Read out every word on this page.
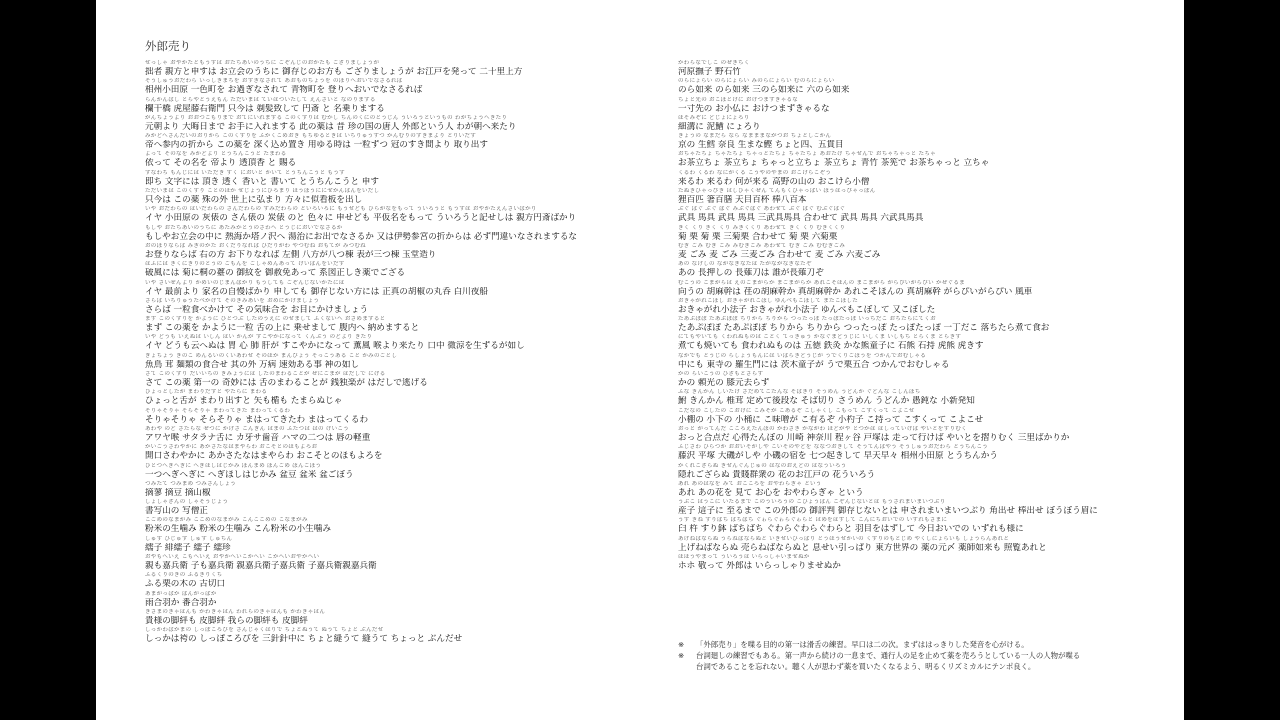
外郎売り
せっしゃ おやかたともうすは おたちあいのうちに ごぞんじのおかたも ござりましょうが
拙者 親方と申すは お立会のうちに 御存じのお方も ござりましょうが お江戸を発って 二十里上方
そうしゅうおだわら いっしきまちを おすぎなされて あおものちょうを のぼりへおいでなさるれば
相州小田原 一色町を お過ぎなされて 青物町を 登りへおいでなさるれば
らんかんばし とらやとうえもん ただいまは ていはついたして えんさいと なのりまする
欄干橋 虎屋藤右衛門 只今は 剃髪致して 円斎 と 名乗りまする
がんちょうより おおつごもりまで おてにいれまする このくすりは むかし ちんのくにのとうじん ういろうというもの わがちょうへきたり
元朝より 大晦日まで お手に入れまする 此の薬は 昔 珍の国の唐人 外郎という人 わが朝へ来たり
みかどへさんだいのおりから このくすりを ふかくこめおき もちゆるときは いちりゅうずつ かんむりのすきまより とりいだす
帝へ参内の折から この薬を 深く込め置き 用ゆる時は 一粒ずつ 冠のすき間より 取り出す
よって そのなを みかどより とうちんこうと たまわる
依って その名を 帝より 透頂香 と 賜る
すなわち もんじには いただき すく においと かいて とうちんこうと もうす
即ち 文字には 頂き 透く 香いと 書いて とうちんこうと 申す
ただいまは このくすり ことのほか せじょうにひろまり ほうぼうににせかんばんをいだし
只今は この薬 殊の外 世上に弘まり 方々に似看板を出し
いや おだわらの はいだわらの さんだわらの すみだわらの といろいろに もうせども ひらがなをもって ういろうと もうすは おやかたえんさいばかり
イヤ 小田原の 灰俵の さん俵の 炭俵 のと 色々に 申せども 平仮名をもって ういろうと記せしは 親方円斎ばかり
もしや おたちあいのうちに あたみかとうのさわへ とうじにおいでなさるか
もしやお立会の中に 熱海か塔ノ沢へ 湯治にお出でなさるか 又は伊勢参宮の折からは 必ず門違いなされまするな
おのぼりならば みぎのかた おくだりなれば ひだりがわ やつむね おもてが みつむね
お登りならば 右の方 お下りなれば 左側 八方が八つ棟 表が三つ棟 玉堂造り
はふには きくにきりのとうの ごもんを ごしゃめんあって けいばんをいだす
破風には 菊に桐の薹の 御紋を 御赦免あって 系図正しき薬でござる
いや さいぜんより かめいのじまんばかり もうしても ごぞんじないかたには
イヤ 最前より 家名の自慢ばかり 申しても 御存じない方には 正真の胡椒の丸呑 白川夜船
さらば いちりゅうたべかけて そのきみあいを おめにかけましょう
さらば 一粒食べかけて その気味合を お目にかけましょう
まず このくすりを かように ひとつぶ したのうえに のせまして ふくないへ おさめますると
まず この薬を かように一粒 舌の上に 乗せまして 腹内へ 納めますると
いや どうも いえぬは いしん はい かんが すこやかになって くんぷう のどより きたり
イヤ どうも云へぬは 胃 心 肺 肝が すこやかになって 薫風 喉より来たり 口中 微涼を生ずるが如し
ぎょちょう きのこ めんるいのくいあわせ そのほか まんびょう そっこうある こと かみのごとし
魚鳥 茸 麺類の食合せ 其の外 万病 速効ある事 神の如し
さて このくすり だいいちの きみょうには したのまわることが ぜにごまが はだしで にげる
さて この薬 第一の 奇妙には 舌のまわることが 銭独楽が はだしで逃げる
ひょっとしたが まわりだすと やたらに まわる
ひょっと舌が まわり出すと 矢も楯も たまらぬじゃ
そりゃそりゃ そらそりゃ まわってきた まわってくるわ
そりゃそりゃ そらそりゃ まはってきたわ まはってくるわ
あわや のど さたらな ぜつに かげさ ごんぎん はまの ふたつは はの けいこう
アワヤ喉 サタラナ舌に カ牙サ歯音 ハマの二つは 唇の軽重
かいごうさわやかに あかさたなはまやらわ おこそとのほもよろお
開口さわやかに あかさたなはまやらわ おこそとのほもよろを
ひとつへぎへぎに へぎほしはじかみ ぼんまめ ぼんごめ ぼんごぼう
一つへぎへぎに へぎほしはじかみ 盆豆 盆米 盆ごぼう
つみたて つみまめ つみさんしょう
摘蓼 摘豆 摘山椒
しょしゃざんの しゃそうじょう
書写山の 写僧正
こごめのなまがみ こごめのなまがみ こんこごめの こなまがみ
粉米の生噛み 粉米の生噛み こん粉米の小生噛み
しゅす ひじゅす しゅす しゅちん
繻子 緋繻子 繻子 繻珍
おやもへいえ こもへいえ おやかへいこかへい こかへいおやかへい
親も嘉兵衛 子も嘉兵衛 親嘉兵衛子嘉兵衛 子嘉兵衛親嘉兵衛
ふるくりのきの ふるきりくち
ふる栗の木の 古切口
あまがっぱか ばんがっぱか
雨合羽か 番合羽か
きさまのきゃはんも かわきゃはん われらのきゃはんも かわきゃはん
貴様の脚絆も 皮脚絆 我らの脚絆も 皮脚絆
しっかわばかまの しっぽころびを さんじゃくはりで ちょとぬうて ぬうて ちょと ぶんだせ
しっかは袴の しっぽころびを 三針針中に ちょと縫うて 縫うて ちょっと ぶんだせ
かわらなでしこ のぜきちく
河原撫子 野石竹
のらにょらい のらにょらい みのらにょらい むのらにょらい
のら如来 のら如来 三のら如来に 六のら如来
ちょと先の おこぼとけに おけつまずきゃるな
一寸先の お小仏に おけつまずきゃるな
ほそみぞに どじょにょろり
細溝に 泥鰌 にょろり
きょうの なまだら なら なまままながつお ちょとしごかん
京の 生鱈 奈良 生まな鰹 ちょと四、五貫目
おちゃたちょ ちゃたちょ ちゃっとたちょ ちゃたちょ あおたけ ちゃせんで おちゃちゃっと たちゃ
お茶立ちょ 茶立ちょ ちゃっと立ちょ 茶立ちょ 青竹 茶筅で お茶ちゃっと 立ちゃ
くるわ くるわ なにがくる こうやのやまの おこけらこぞう
来るわ 来るわ 何が来る 高野の山の おこけら小僧
たぬきひゃっぴき はしひゃくぜん てんもくひゃっぱい ぼうはっぴゃっぽん
狸百匹 箸百膳 天目百杯 棒八百本
ぶぐ ばぐ ぶぐ ばぐ みぶぐばぐ あわせて ぶぐ ばぐ むぶぐばぐ
武具 馬具 武具 馬具 三武具馬具 合わせて 武具 馬具 六武具馬具
きく くり きく くり みきくくり あわせて きく くり むきくくり
菊 栗 菊 栗 三菊栗 合わせて 菊 栗 六菊栗
むぎ ごみ むぎ ごみ みむぎごみ あわせて むぎ ごみ むむぎごみ
麦 ごみ 麦 ごみ 三麦ごみ 合わせて 麦 ごみ 六麦ごみ
あの なげしの ながなぎなたは たがながなぎなたぞ
あの 長押しの 長薙刀は 誰が長薙刀ぞ
むこうの ごまがらは えのごまがらか まごまがらか あれこそほんの まごまがら がらぴいがらぴい かぜぐるま
向うの 胡麻幹は 荏の胡麻幹か 真胡麻幹か あれこそほんの 真胡麻幹 がらぴいがらぴい 風車
おきゃがれこぼし おきゃがれこぼし ゆんべもこぼして またこぼした
おきゃがれ小法子 おきゃがれ小法子 ゆんべもこぼして 又こぼした
たあぷぽぽ たあぷぽぽ ちりから ちりから つったっぽ たっぽたっぽ いっちだこ おちたらにてくお
たあぷぽぽ たあぷぽぽ ちりから ちりから つったっぽ たっぽたっぽ 一丁だこ 落ちたら煮て食お
にてもやいても くわれぬものは ごとく てっきゅう かなぐまどうじに いしくま いしもち とらくま とらきす
煮ても焼いても 食われぬものは 五徳 鉄灸 かな熊童子に 石熊 石持 虎熊 虎きす
なかでも とうじの らしょうもんには いばらきどうじが うでくりごぼうを つかんでおむしゃる
中にも 東寺の 羅生門には 茨木童子が うで栗五合 つかんでおむしゃる
かの らいこうの ひざもとさらず
かの 頼光の 膝元去らず
ふな きんかん しいたけ さだめてごたんな そばきり そうめん うどんか ぐどんな こしんぼち
鮒 きんかん 椎茸 定めて後段な そば切り さうめん うどんか 愚鈍な 小新発知
こだなの こしたの こおけに こみそが こあるぞ こしゃくし こもって こすくって こよこせ
小棚の 小下の 小桶に こ味噌が こ有るぞ 小杓子 こ持って こすくって こよこせ
おっと がってんだ こころえたんぼの かわさき かながわ ほどがや とつかは はしっていけば やいとをすりむく
おっと合点だ 心得たんぼの 川崎 神奈川 程ヶ谷 戸塚は 走って行けば やいとを摺りむく 三里ばかりか
ふじさわ ひらつか おおいそがしや こいそのやどを ななつおきして そうてんばやう そうしゅうおだわら とうちんこう
藤沢 平塚 大磯がしや 小磯の宿を 七つ起きして 早天早々 相州小田原 とうちんかう
かくれござらぬ きせんぐんじゅの はなのおえどの はなういろう
隠れござらぬ 貴賤群衆の 花のお江戸の 花ういろう
あれ あのはなを みて おこころを おやわらぎゃ という
あれ あの花を 見て お心を おやわらぎゃ という
うぶこ はうこに いたるまで このういろうの ごひょうばん ごぞんじないとは もうされまいまいつぶり
産子 這子に 至るまで この外郎の 御評判 御存じないとは 申されまいまいつぶり 角出せ 棒出せ ぼうぼう眉に
うす きね すりばち ばちばち ぐゎらぐゎらぐゎらと はめをはずして こんにちおいでの いずれもさまに
臼 杵 すり鉢 ばちばち ぐわらぐわらぐわらと 羽目をはずして 今日おいでの いずれも様に
あげねばならぬ うらねばならぬと いきせいひっぱり とうほうせかいの くすりのもとじめ やくしにょらいも しょうらんあれと
上げねばならぬ 売らねばならぬと 息せい引っぱり 東方世界の 薬の元〆 薬師如来も 照覧あれと
ほほうやまって ういろうは いらっしゃいませぬか
ホホ 敬って 外郎は いらっしゃりませぬか
※ 「外郎売り」を喋る目的の第一は滑舌の練習。早口は二の次。まずははっきりした発音を心がける。
※ 台詞廻しの練習でもある。第一声から続けの一息まで、通行人の足を止めて薬を売ろうとしている一人の人物が喋る
台詞であることを忘れない。聴く人が思わず薬を買いたくなるよう、明るくリズミカルにテンポ良く。
